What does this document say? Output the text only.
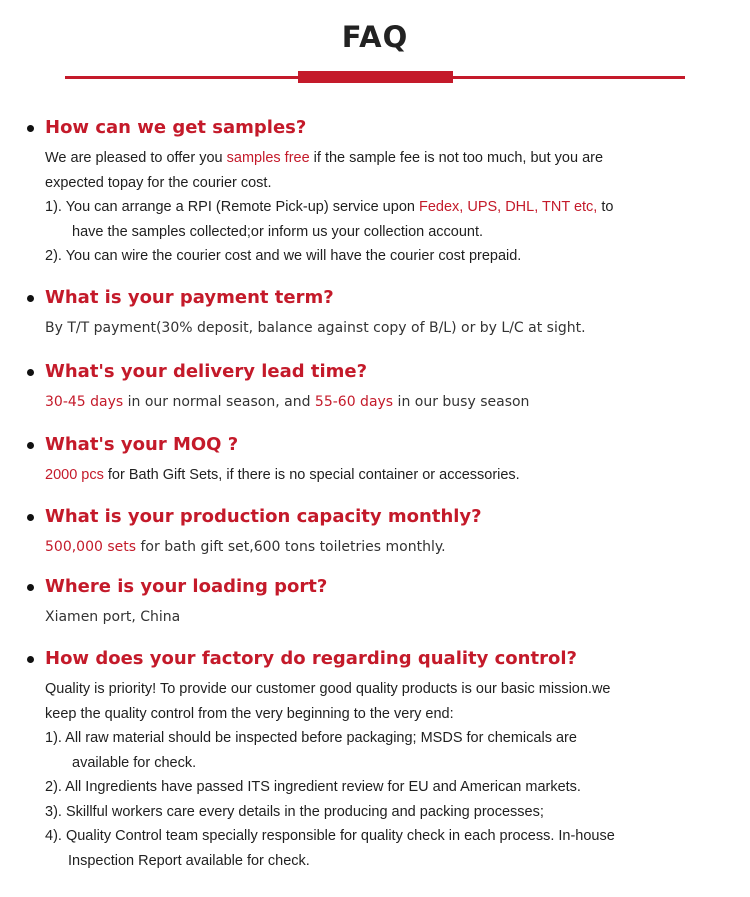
FAQ

How can we get samples?

We are pleased to offer you samples free if the sample fee is not too much, but you are
expected topay for the courier cost.
1). You can arrange a RPI (Remote Pick-up) service upon Fedex, UPS, DHL, TNT etc, to
have the samples collected;or inform us your collection account.
2). You can wire the courier cost and we will have the courier cost prepaid.

What is your payment term?

By T/T payment(30% deposit, balance against copy of B/L) or by L/C at sight.

What's your delivery lead time?

30-45 days in our normal season, and 55-60 days in our busy season

What's your MOQ ?

2000 pcs for Bath Gift Sets, if there is no special container or accessories.

What is your production capacity monthly?

500,000 sets for bath gift set,600 tons toiletries monthly.

Where is your loading port?

Xiamen port, China

How does your factory do regarding quality control?

Quality is priority! To provide our customer good quality products is our basic mission.we
keep the quality control from the very beginning to the very end:
1). All raw material should be inspected before packaging; MSDS for chemicals are
available for check.
2). All Ingredients have passed ITS ingredient review for EU and American markets.
3). Skillful workers care every details in the producing and packing processes;
4). Quality Control team specially responsible for quality check in each process. In-house
Inspection Report available for check.
